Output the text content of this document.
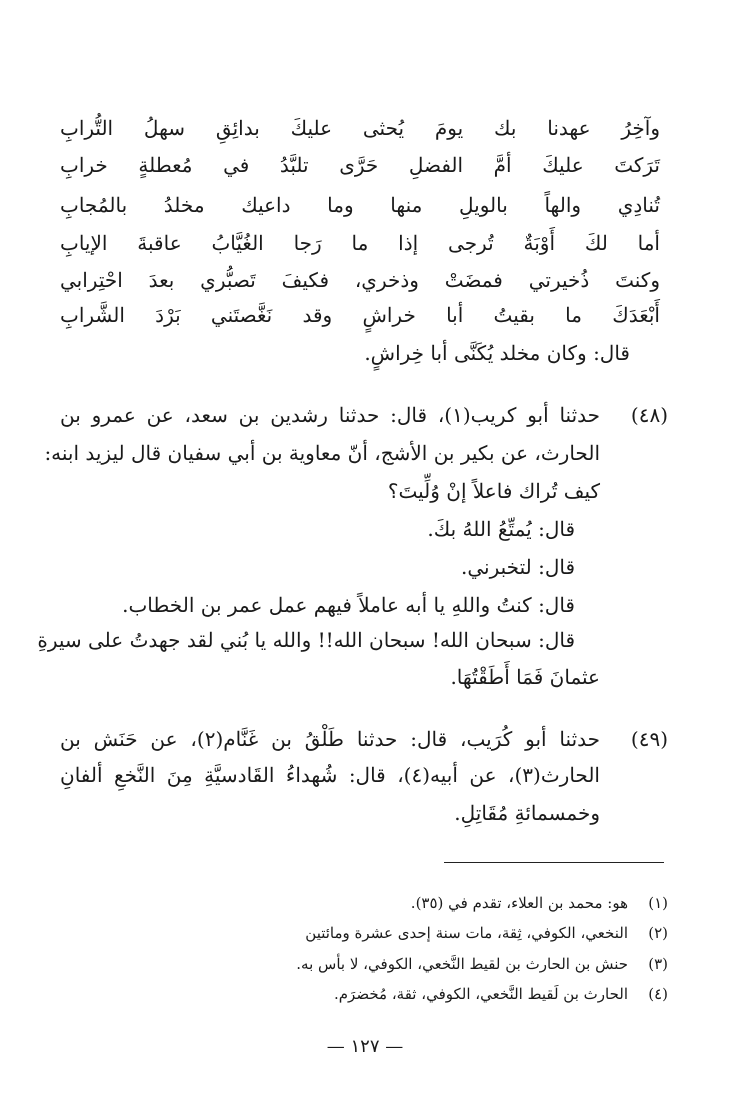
وآخِرُ عهدنا بك يومَ يُحثى عليكَ بدائِقِ سهلُ التُّرابِ
تَرَكتَ عليكَ أمَّ الفضلِ حَرَّى تلبَّدُ في مُعطلةٍ خرابِ
تُنادِي والهاً بالويلِ منها وما داعيك مخلدُ بالمُجابِ
أما لكَ أَوْبَةٌ تُرجى إذا ما رَجا الغُيَّابُ عاقبةَ الإيابِ
وكنتَ ذُخيرتي فمضَتْ وذخري، فكيفَ تَصبُّري بعدَ احْتِرابي
أَبْعَدَكَ ما بقيتُ أبا خراشٍ وقد نَغَّصتَني بَرْدَ الشَّرابِ
قال: وكان مخلد يُكَنَّى أبا خِراشٍ.
(٤٨)
حدثنا أبو كريب(١)، قال: حدثنا رشدين بن سعد، عن عمرو بن
الحارث، عن بكير بن الأشج، أنّ معاوية بن أبي سفيان قال ليزيد ابنه:
كيف تُراك فاعلاً إنْ وُلِّيتَ؟
قال: يُمتِّعُ اللهُ بكَ.
قال: لتخبرني.
قال: كنتُ واللهِ يا أبه عاملاً فيهم عمل عمر بن الخطاب.
قال: سبحان الله! سبحان الله!! والله يا بُني لقد جهدتُ على سيرةِ
عثمانَ فَمَا أَطَقْتُهَا.
(٤٩)
حدثنا أبو كُرَيب، قال: حدثنا طَلْقُ بن غَنَّام(٢)، عن حَنَش بن
الحارث(٣)، عن أبيه(٤)، قال: شُهداءُ القَادسيَّةِ مِنَ النَّخعِ ألفانِ
وخمسمائةِ مُقَاتِلِ.
(١)هو: محمد بن العلاء، تقدم في (٣٥).
(٢)النخعي، الكوفي، ثِقة، مات سنة إحدى عشرة ومائتين
(٣)حنش بن الحارث بن لقيط النَّخعي، الكوفي، لا بأس به.
(٤)الحارث بن لَقيط النَّخعي، الكوفي، ثقة، مُخضرَم.
— ١٢٧ —
